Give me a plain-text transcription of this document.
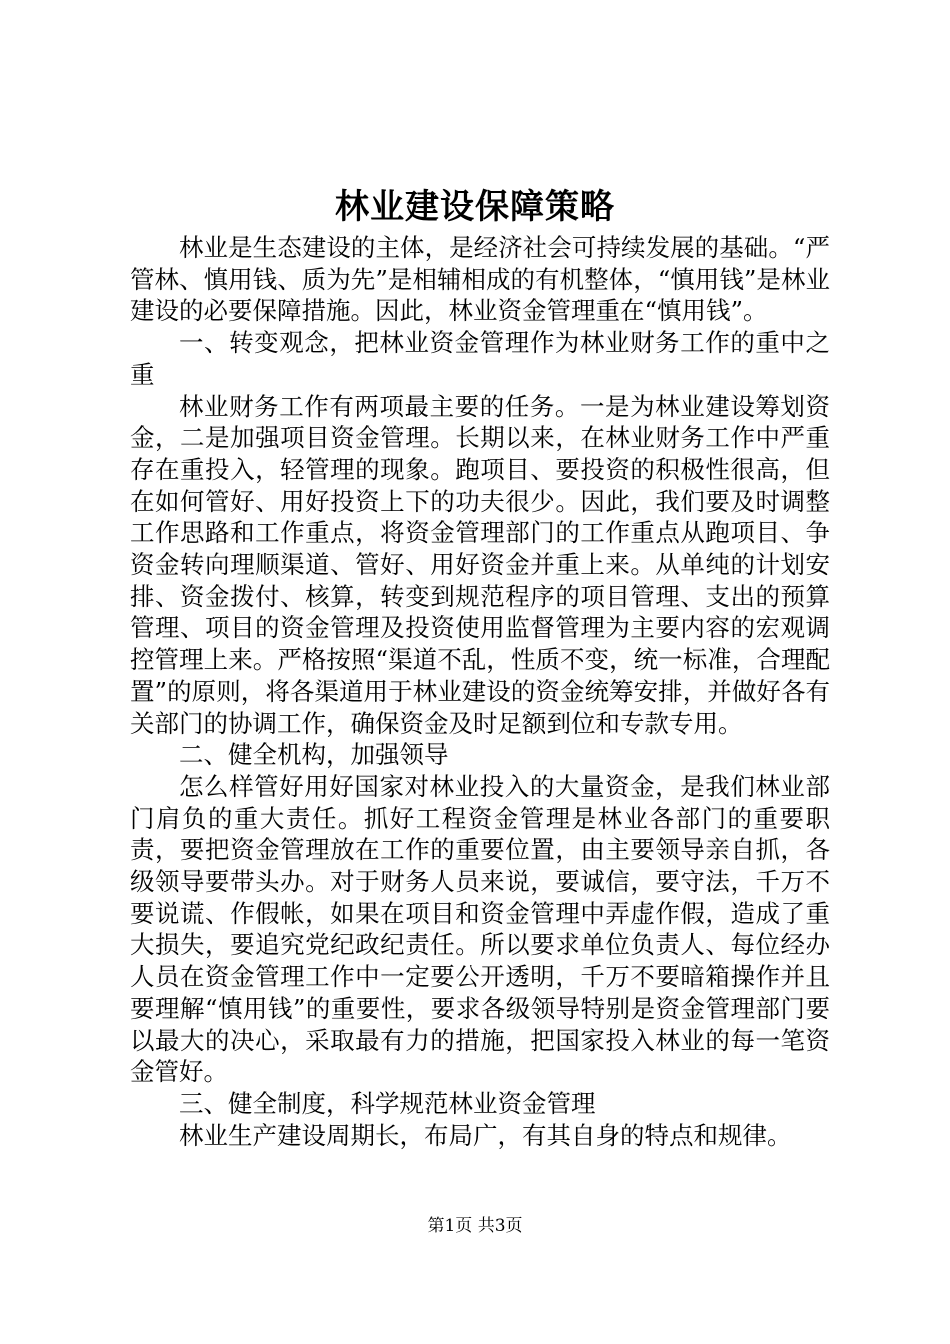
林业建设保障策略

林业是生态建设的主体，是经济社会可持续发展的基础。“严管林、慎用钱、质为先”是相辅相成的有机整体，“慎用钱”是林业建设的必要保障措施。因此，林业资金管理重在“慎用钱”。

一、转变观念，把林业资金管理作为林业财务工作的重中之重

林业财务工作有两项最主要的任务。一是为林业建设筹划资金，二是加强项目资金管理。长期以来，在林业财务工作中严重存在重投入，轻管理的现象。跑项目、要投资的积极性很高，但在如何管好、用好投资上下的功夫很少。因此，我们要及时调整工作思路和工作重点，将资金管理部门的工作重点从跑项目、争资金转向理顺渠道、管好、用好资金并重上来。从单纯的计划安排、资金拨付、核算，转变到规范程序的项目管理、支出的预算管理、项目的资金管理及投资使用监督管理为主要内容的宏观调控管理上来。严格按照“渠道不乱，性质不变，统一标准，合理配置”的原则，将各渠道用于林业建设的资金统筹安排，并做好各有关部门的协调工作，确保资金及时足额到位和专款专用。

二、健全机构，加强领导

怎么样管好用好国家对林业投入的大量资金，是我们林业部门肩负的重大责任。抓好工程资金管理是林业各部门的重要职责，要把资金管理放在工作的重要位置，由主要领导亲自抓，各级领导要带头办。对于财务人员来说，要诚信，要守法，千万不要说谎、作假帐，如果在项目和资金管理中弄虚作假，造成了重大损失，要追究党纪政纪责任。所以要求单位负责人、每位经办人员在资金管理工作中一定要公开透明，千万不要暗箱操作并且要理解“慎用钱”的重要性，要求各级领导特别是资金管理部门要以最大的决心，采取最有力的措施，把国家投入林业的每一笔资金管好。

三、健全制度，科学规范林业资金管理

林业生产建设周期长，布局广，有其自身的特点和规律。

第1页 共3页
